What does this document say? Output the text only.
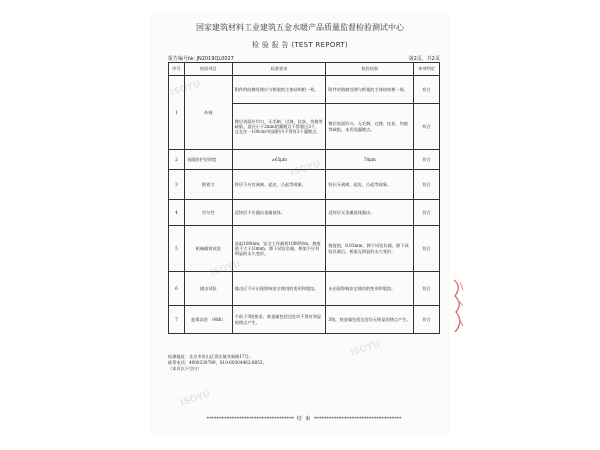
ISOYU
ISOYU
ISOYU
ISOYU
ISOYU
国家建筑材料工业建筑五金水暖产品质量监督检验测试中心
检 验 报 告 (TEST REPORT)
报告编号№: JN2019QL0027	第2页，共2页
序号	检验项目	标准要求	检验结果	单项判定
1	外观	附件的防腐处理应与桥架的主体结构相一致。	附件的防腐处理与桥架的主体结构相一致。	符合
		镀层表面应均匀、无毛刺、过烧、挂灰、伤痕等缺陷，直径小于2mm的漏镀点不得超过3个，且在任一100cm²的面积内不得有2个漏镀点。	镀层表面均匀、无毛刺、过烧、挂灰、伤痕等缺陷，未发现漏镀点。	符合
2	表面防护层厚度	≥65μm	78μm	符合
3	附着力	锌层不应有剥离、起皮、凸起等现象。	锌层无剥离、起皮、凸起等现象。	符合
4	均匀性	浸锌层不应露出金属基体。	浸锌层无金属基体露出。	符合
5	机械载荷试验	选取100mm，安全工作载荷1000N/m，挠度值不大于10mm，卸下试验负载，桥架不应有明显的永久变形。	挠度值，8.03mm，卸下试验负载，卸下试验负载后，桥架无明显的永久变形。	符合
6	撞击试验	撞击后不应出现影响安全使用的变形和裂纹。	未出现影响安全使用的变形和裂纹。	符合
7	盐雾试验 （48h）	不低于3级要求，底金属包括边处均不得有明显的锈点产生。	3级，底金属包括边处均无明显的锈点产生。	符合
检测地址：北京市房山区窦店镇亚新路17号。
联系电话：4000330789，010-60304462-8053。
（本页以下空白）
*********************************** 结 束 ***********************************
